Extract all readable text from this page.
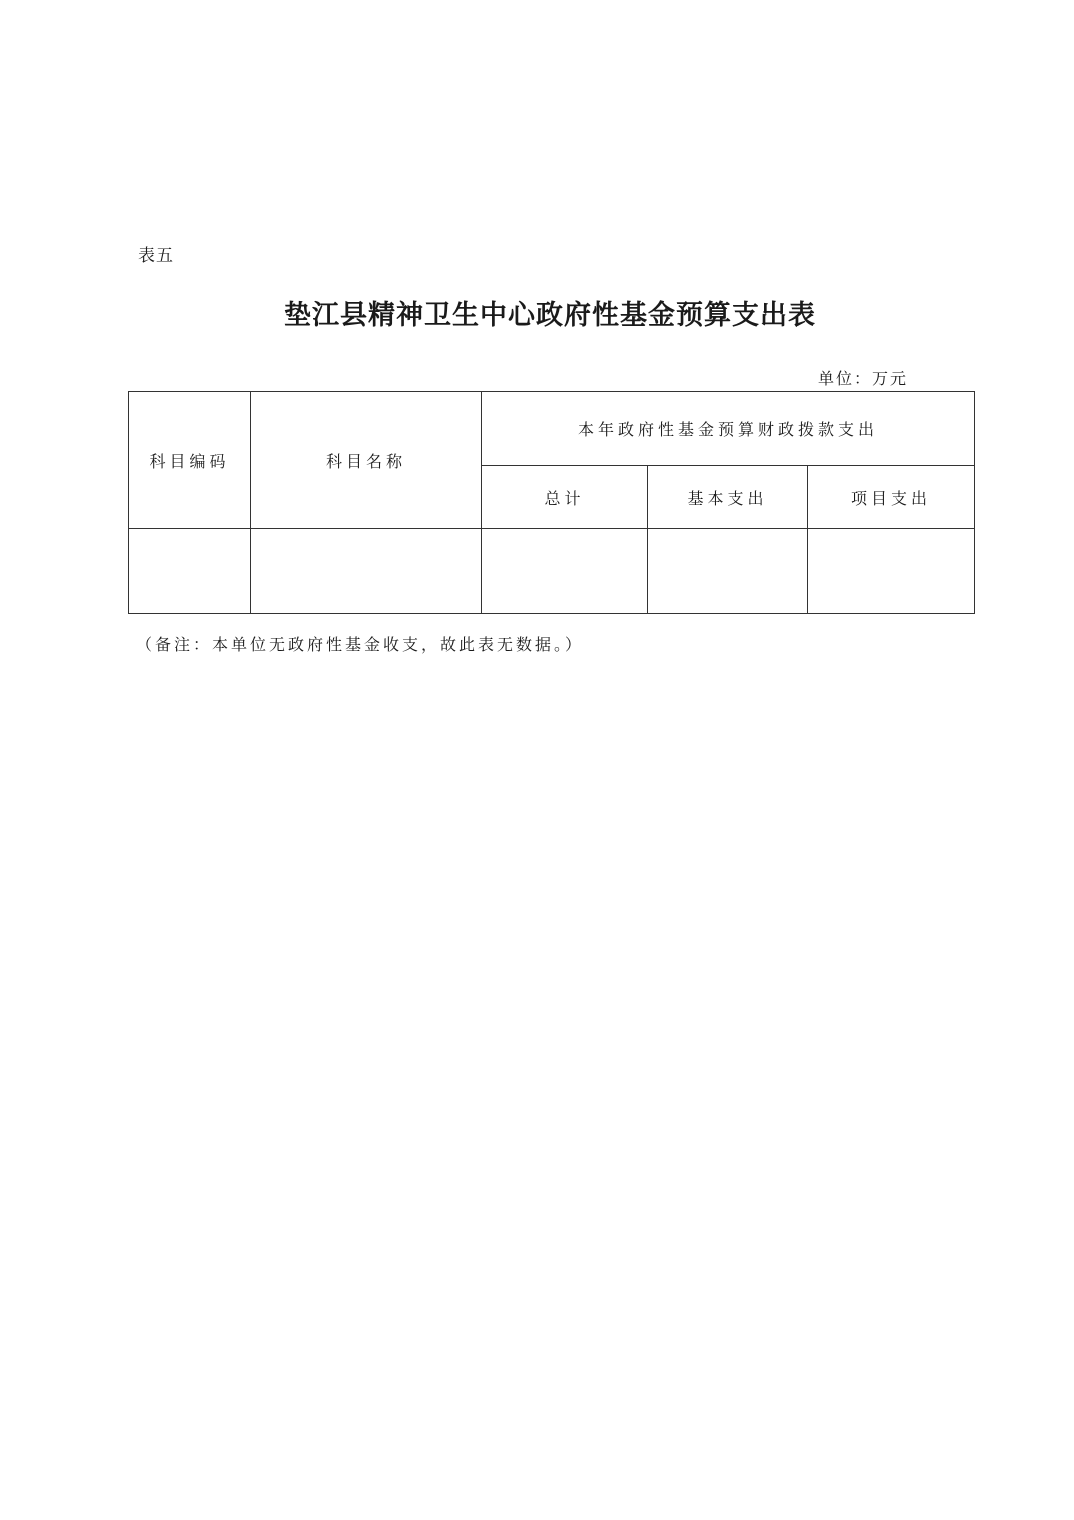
表五
垫江县精神卫生中心政府性基金预算支出表
单位：万元
科目编码	科目名称	本年政府性基金预算财政拨款支出		
		总计	基本支出	项目支出

（备注：本单位无政府性基金收支，故此表无数据。）
